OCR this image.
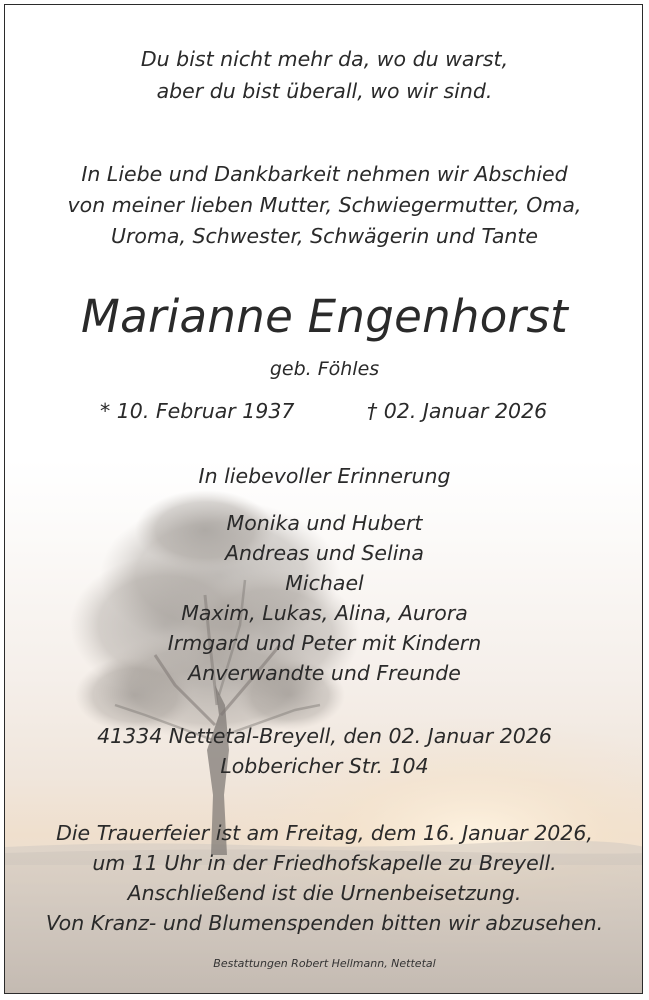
Du bist nicht mehr da, wo du warst,
aber du bist überall, wo wir sind.
In Liebe und Dankbarkeit nehmen wir Abschied
von meiner lieben Mutter, Schwiegermutter, Oma,
Uroma, Schwester, Schwägerin und Tante
Marianne Engenhorst
geb. Föhles
* 10. Februar 1937	† 02. Januar 2026
In liebevoller Erinnerung
Monika und Hubert
Andreas und Selina
Michael
Maxim, Lukas, Alina, Aurora
Irmgard und Peter mit Kindern
Anverwandte und Freunde
41334 Nettetal-Breyell, den 02. Januar 2026
Lobbericher Str. 104
Die Trauerfeier ist am Freitag, dem 16. Januar 2026,
um 11 Uhr in der Friedhofskapelle zu Breyell.
Anschließend ist die Urnenbeisetzung.
Von Kranz- und Blumenspenden bitten wir abzusehen.
Bestattungen Robert Hellmann, Nettetal
